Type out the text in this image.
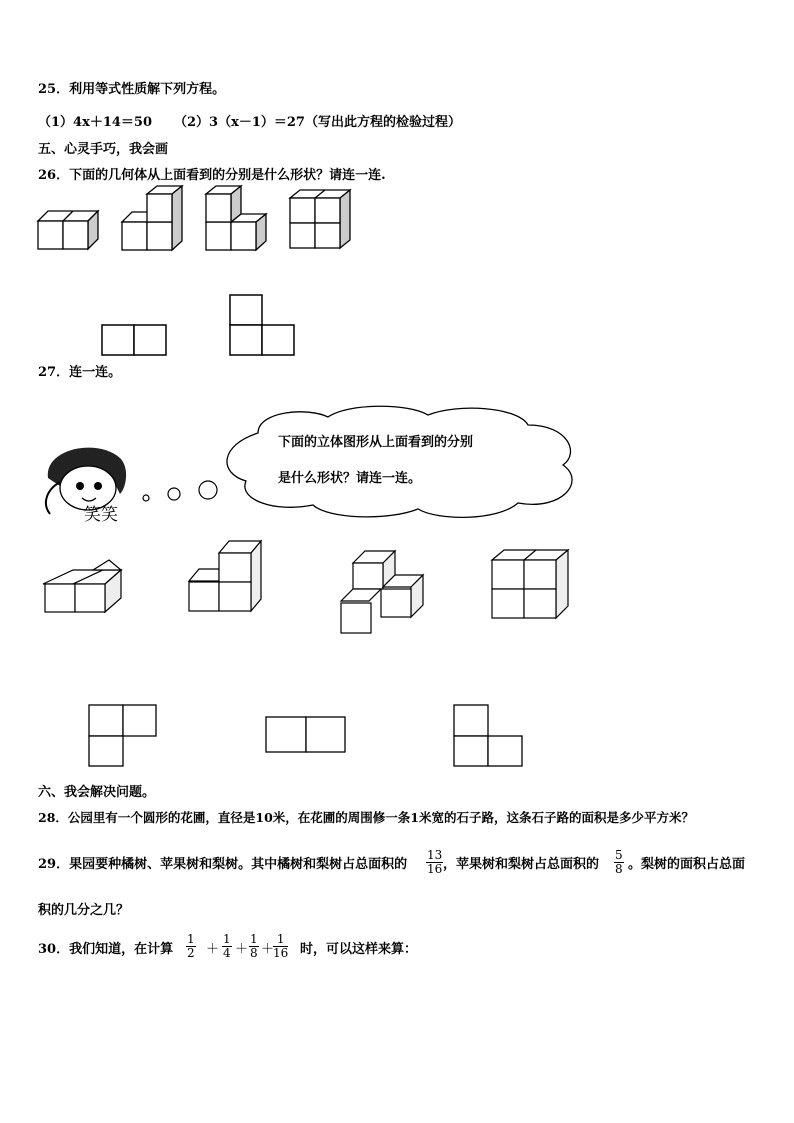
25．利用等式性质解下列方程。
（1）4x＋14＝50 （2）3（x－1）＝27（写出此方程的检验过程）
五、心灵手巧，我会画
26．下面的几何体从上面看到的分别是什么形状？请连一连.
27．连一连。
笑笑
下面的立体图形从上面看到的分别
是什么形状？请连一连。
六、我会解决问题。
28．公园里有一个圆形的花圃，直径是10米，在花圃的周围修一条1米宽的石子路，这条石子路的面积是多少平方米？
29．果园要种橘树、苹果树和梨树。其中橘树和梨树占总面积的 $\frac{13}{16}$ ，苹果树和梨树占总面积的 $\frac{5}{8}$ 。梨树的面积占总面
积的几分之几？
30．我们知道，在计算 $\frac{1}{2} + \frac{1}{4} + \frac{1}{8}$ ＋
$\frac{1}{16}$ 时，可以这样来算：
